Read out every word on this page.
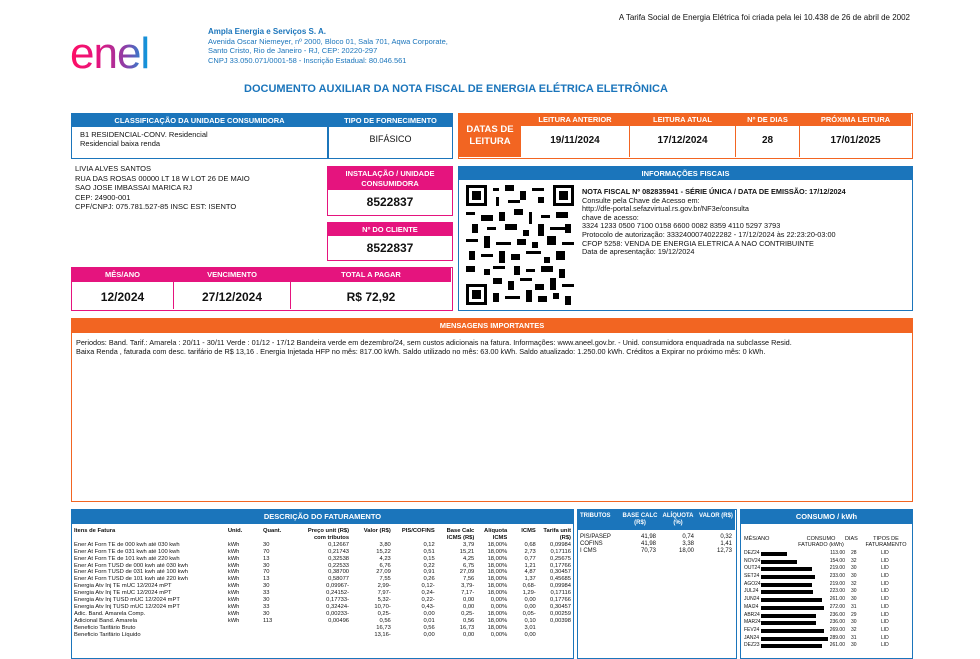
A Tarifa Social de Energia Elétrica foi criada pela lei 10.438 de 26 de abril de 2002
enel	Ampla Energia e Serviços S. A.
Avenida Oscar Niemeyer, nº 2000, Bloco 01, Sala 701, Aqwa Corporate,
Santo Cristo, Rio de Janeiro - RJ, CEP: 20220-297
CNPJ 33.050.071/0001-58 - Inscrição Estadual: 80.046.561
DOCUMENTO AUXILIAR DA NOTA FISCAL DE ENERGIA ELÉTRICA ELETRÔNICA
CLASSIFICAÇÃO DA UNIDADE CONSUMIDORA
B1 RESIDENCIAL-CONV. Residencial
Residencial baixa renda
TIPO DE FORNECIMENTO
BIFÁSICO
DATAS DE LEITURA
LEITURA ANTERIOR
19/11/2024
LEITURA ATUAL
17/12/2024
Nº DE DIAS
28
PRÓXIMA LEITURA
17/01/2025
LIVIA ALVES SANTOS
RUA DAS ROSAS 00000 LT 18 W LOT 26 DE MAIO
SAO JOSE IMBASSAI MARICA RJ
CEP: 24900-001
CPF/CNPJ: 075.781.527-85 INSC EST: ISENTO
INSTALAÇÃO / UNIDADE CONSUMIDORA
8522837
Nº DO CLIENTE
8522837
MÊS/ANO
12/2024
VENCIMENTO
27/12/2024
TOTAL A PAGAR
R$ 72,92
INFORMAÇÕES FISCAIS
NOTA FISCAL Nº 082835941 - SÉRIE ÚNICA / DATA DE EMISSÃO: 17/12/2024
Consulte pela Chave de Acesso em:
http://dfe-portal.sefazvirtual.rs.gov.br/NF3e/consulta
chave de acesso:
3324 1233 0500 7100 0158 6600 0082 8359 4110 5297 3793
Protocolo de autorização: 3332400074022282 - 17/12/2024 às 22:23:20-03:00
CFOP 5258: VENDA DE ENERGIA ELETRICA A NAO CONTRIBUINTE
Data de apresentação: 19/12/2024
MENSAGENS IMPORTANTES
Periodos: Band. Tarif.: Amarela : 20/11 - 30/11 Verde : 01/12 - 17/12 Bandeira verde em dezembro/24, sem custos adicionais na fatura. Informações: www.aneel.gov.br. - Unid. consumidora enquadrada na subclasse Resid.
Baixa Renda , faturada com desc. tarifário de R$ 13,16 . Energia Injetada HFP no mês: 817.00 kWh. Saldo utilizado no mês: 63.00 kWh. Saldo atualizado: 1.250.00 kWh. Créditos a Expirar no próximo mês: 0 kWh.
DESCRIÇÃO DO FATURAMENTO
Itens de Fatura	Unid.	Quant.	Preço unit (R$) com tributos	Valor (R$)	PIS/COFINS	Base Calc ICMS (R$)	Alíquota ICMS	ICMS	Tarifa unit (R$)
Ener At Forn TE de 000 kwh até 030 kwh	kWh	30	0,12667	3,80	0,12	3,79	18,00%	0,68	0,09984
Ener At Forn TE de 031 kwh até 100 kwh	kWh	70	0,21743	15,22	0,51	15,21	18,00%	2,73	0,17116
Ener At Forn TE de 101 kwh até 220 kwh	kWh	13	0,32538	4,23	0,15	4,25	18,00%	0,77	0,25675
Ener At Forn TUSD de 000 kwh até 030 kwh	kWh	30	0,22533	6,76	0,22	6,75	18,00%	1,21	0,17766
Ener At Forn TUSD de 031 kwh até 100 kwh	kWh	70	0,38700	27,09	0,91	27,09	18,00%	4,87	0,30457
Ener At Forn TUSD de 101 kwh até 220 kwh	kWh	13	0,58077	7,55	0,26	7,56	18,00%	1,37	0,45685
Energia Atv Inj TE mUC 12/2024 mPT	kWh	30	0,09967-	2,99-	0,12-	3,79-	18,00%	0,68-	0,09984
Energia Atv Inj TE mUC 12/2024 mPT	kWh	33	0,24152-	7,97-	0,24-	7,17-	18,00%	1,29-	0,17116
Energia Atv Inj TUSD mUC 12/2024 mPT	kWh	30	0,17733-	5,32-	0,22-	0,00	0,00%	0,00	0,17766
Energia Atv Inj TUSD mUC 12/2024 mPT	kWh	33	0,32424-	10,70-	0,43-	0,00	0,00%	0,00	0,30457
Adic. Band. Amarela Comp.	kWh	30	0,00233-	0,25-	0,00	0,25-	18,00%	0,05-	0,00259
Adicional Band. Amarela	kWh	113	0,00496	0,56	0,01	0,56	18,00%	0,10	0,00398
Beneficio Tarifário Bruto				16,73	0,56	16,73	18,00%	3,01	
Beneficio Tarifário Líquido				13,16-	0,00	0,00	0,00%	0,00	
TRIBUTOS	BASE CALC (R$)
ALÍQUOTA (%)
VALOR (R$)
PIS/PASEP	41,98	0,74	0,32
COFINS	41,98	3,38	1,41
I CMS	70,73	18,00	12,73
CONSUMO / kWh
MÊS/ANO	CONSUMO FATURADO (kWh)
DIAS	TIPOS DE FATURAMENTO
DEZ24	113.00 28	LID
NOV24	154.00 32	LID
OUT24	219.00 30	LID
SET24	233.00 30	LID
AGO24	219.00 32	LID
JUL24	223.00 30	LID
JUN24	261.00 30	LID
MAI24	272.00 31	LID
ABR24	236.00 29	LID
MAR24	236.00 30	LID
FEV24	269.00 32	LID
JAN24	289.00 31	LID
DEZ23	261.00 30	LID
